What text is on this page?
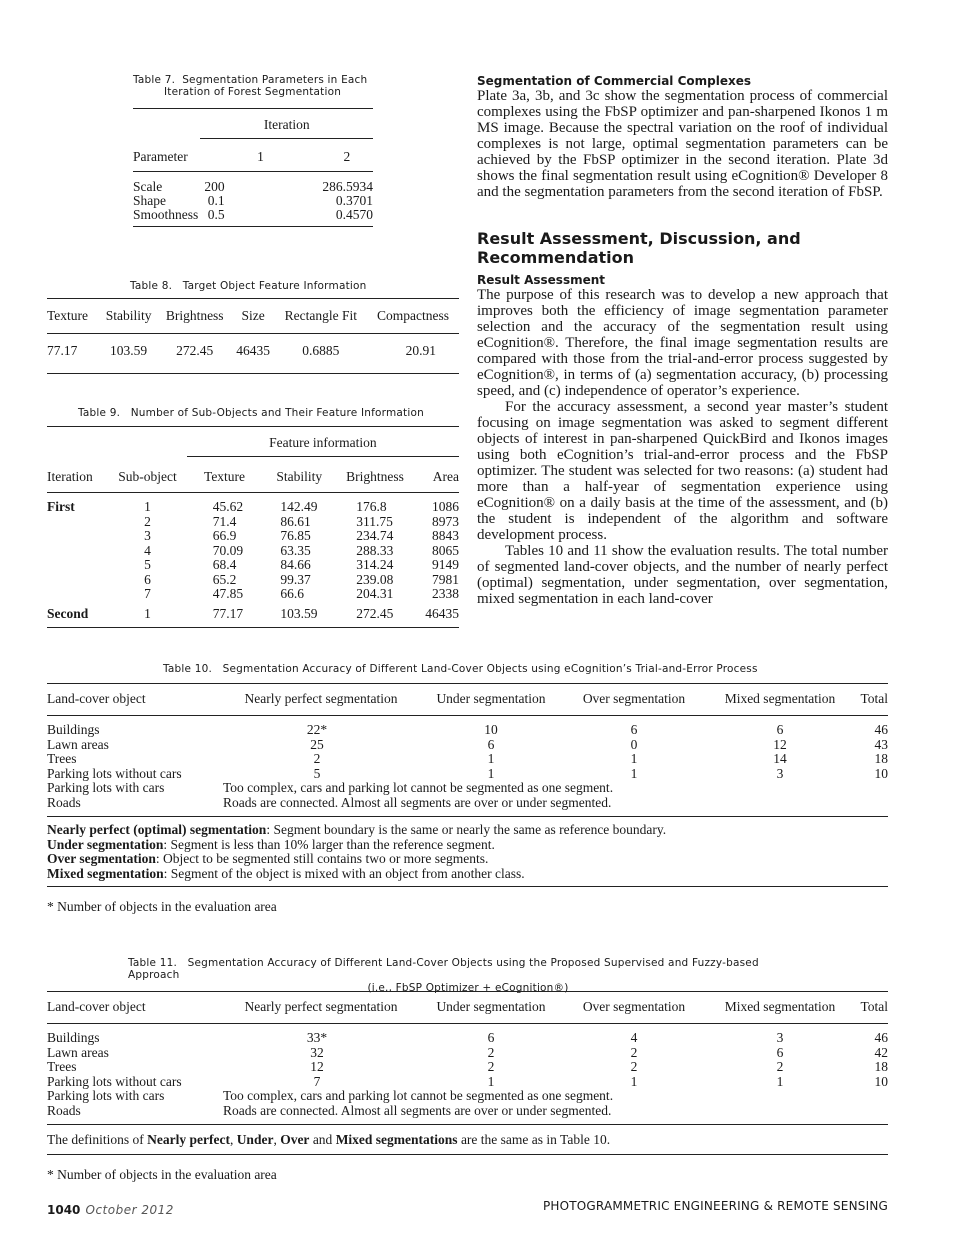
Table 7. Segmentation Parameters in Each
Iteration of Forest Segmentation

	Iteration	
Parameter	1	2
Scale	200	286.5934
Shape	0.1	0.3701
Smoothness	0.5	0.4570
Table 8. Target Object Feature Information
Texture	Stability	Brightness	Size	Rectangle Fit	Compactness
77.17	103.59	272.45	46435	0.6885	20.91
Table 9. Number of Sub-Objects and Their Feature Information

		Feature information			
Iteration	Sub-object	Texture	Stability	Brightness	Area
First	1	45.62	142.49	176.8	1086
	2	71.4	86.61	311.75	8973
	3	66.9	76.85	234.74	8843
	4	70.09	63.35	288.33	8065
	5	68.4	84.66	314.24	9149
	6	65.2	99.37	239.08	7981
	7	47.85	66.6	204.31	2338
Second	1	77.17	103.59	272.45	46435
Segmentation of Commercial Complexes
Plate 3a, 3b, and 3c show the segmentation process of commercial complexes using the FbSP optimizer and pan-sharpened Ikonos 1 m MS image. Because the spectral variation on the roof of individual complexes is not large, optimal segmentation parameters can be achieved by the FbSP optimizer in the second iteration. Plate 3d shows the final segmentation result using eCognition® Developer 8 and the segmentation parameters from the second iteration of FbSP.
Result Assessment, Discussion, and Recommendation
Result Assessment
The purpose of this research was to develop a new approach that improves both the efficiency of image segmentation parameter selection and the accuracy of the segmentation result using eCognition®. Therefore, the final image segmentation results are compared with those from the trial-and-error process suggested by eCognition®, in terms of (a) segmentation accuracy, (b) processing speed, and (c) independence of operator’s experience.
For the accuracy assessment, a second year master’s student focusing on image segmentation was asked to segment different objects of interest in pan-sharpened QuickBird and Ikonos images using both eCognition’s trial-and-error process and the FbSP optimizer. The student was selected for two reasons: (a) student had more than a half-year of segmentation experience using eCognition® on a daily basis at the time of the assessment, and (b) the student is independent of the algorithm and software development process.
Tables 10 and 11 show the evaluation results. The total number of segmented land-cover objects, and the number of nearly perfect (optimal) segmentation, under segmentation, over segmentation, mixed segmentation in each land-cover
Table 10. Segmentation Accuracy of Different Land-Cover Objects using eCognition’s Trial-and-Error Process
Land-cover object	Nearly perfect segmentation	Under segmentation	Over segmentation	Mixed segmentation	Total
Buildings	22*	10	6	6	46
Lawn areas	25	6	0	12	43
Trees	2	1	1	14	18
Parking lots without cars	5	1	1	3	10
Parking lots with cars	Too complex, cars and parking lot cannot be segmented as one segment.				
Roads	Roads are connected. Almost all segments are over or under segmented.				
Nearly perfect (optimal) segmentation: Segment boundary is the same or nearly the same as reference boundary.
Under segmentation: Segment is less than 10% larger than the reference segment.
Over segmentation: Object to be segmented still contains two or more segments.
Mixed segmentation: Segment of the object is mixed with an object from another class.
* Number of objects in the evaluation area
Table 11. Segmentation Accuracy of Different Land-Cover Objects using the Proposed Supervised and Fuzzy-based Approach
(i.e., FbSP Optimizer + eCognition®)
Land-cover object	Nearly perfect segmentation	Under segmentation	Over segmentation	Mixed segmentation	Total
Buildings	33*	6	4	3	46
Lawn areas	32	2	2	6	42
Trees	12	2	2	2	18
Parking lots without cars	7	1	1	1	10
Parking lots with cars	Too complex, cars and parking lot cannot be segmented as one segment.				
Roads	Roads are connected. Almost all segments are over or under segmented.				
The definitions of Nearly perfect, Under, Over and Mixed segmentations are the same as in Table 10.
* Number of objects in the evaluation area
1040 October 2012	PHOTOGRAMMETRIC ENGINEERING & REMOTE SENSING
